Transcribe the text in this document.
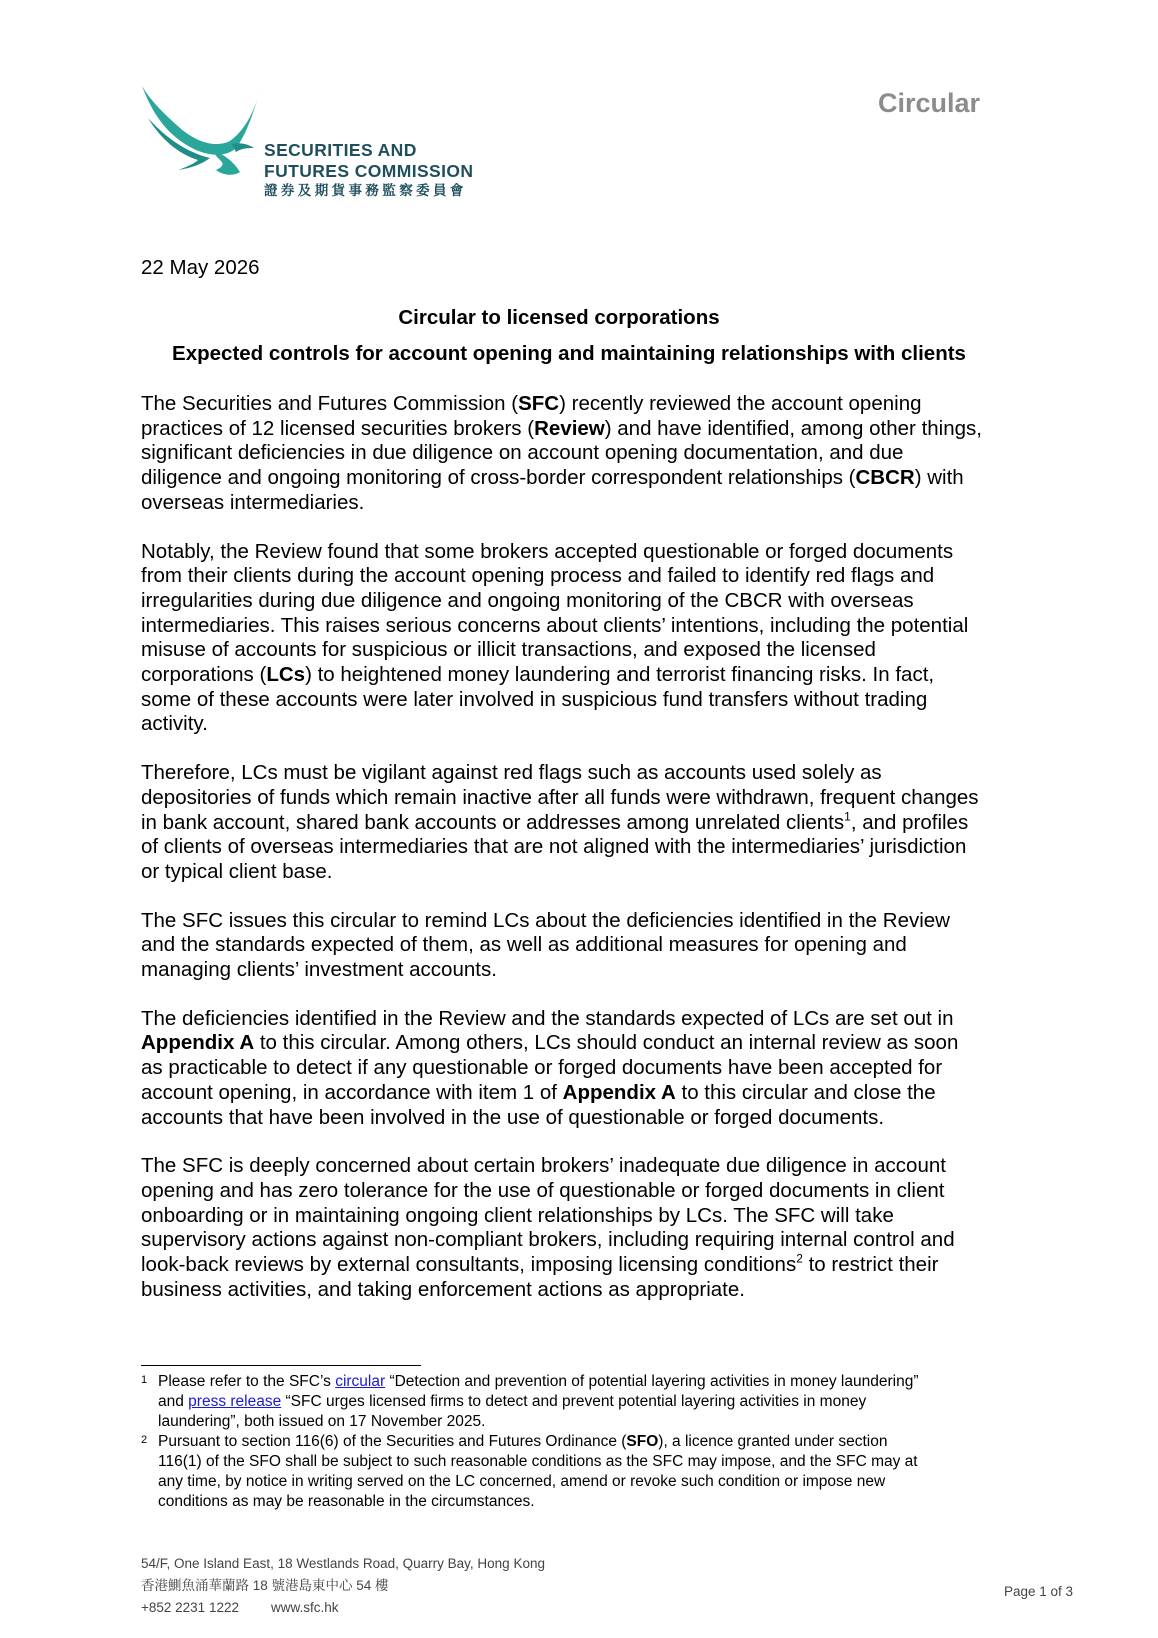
SECURITIES AND
FUTURES COMMISSION
證券及期貨事務監察委員會
Circular
22 May 2026
Circular to licensed corporations
Expected controls for account opening and maintaining relationships with clients

The Securities and Futures Commission (SFC) recently reviewed the account opening
practices of 12 licensed securities brokers (Review) and have identified, among other things,
significant deficiencies in due diligence on account opening documentation, and due
diligence and ongoing monitoring of cross-border correspondent relationships (CBCR) with
overseas intermediaries.

Notably, the Review found that some brokers accepted questionable or forged documents
from their clients during the account opening process and failed to identify red flags and
irregularities during due diligence and ongoing monitoring of the CBCR with overseas
intermediaries. This raises serious concerns about clients’ intentions, including the potential
misuse of accounts for suspicious or illicit transactions, and exposed the licensed
corporations (LCs) to heightened money laundering and terrorist financing risks. In fact,
some of these accounts were later involved in suspicious fund transfers without trading
activity.

Therefore, LCs must be vigilant against red flags such as accounts used solely as
depositories of funds which remain inactive after all funds were withdrawn, frequent changes
in bank account, shared bank accounts or addresses among unrelated clients$^1$, and profiles
of clients of overseas intermediaries that are not aligned with the intermediaries’ jurisdiction
or typical client base.

The SFC issues this circular to remind LCs about the deficiencies identified in the Review
and the standards expected of them, as well as additional measures for opening and
managing clients’ investment accounts.

The deficiencies identified in the Review and the standards expected of LCs are set out in
Appendix A to this circular. Among others, LCs should conduct an internal review as soon
as practicable to detect if any questionable or forged documents have been accepted for
account opening, in accordance with item 1 of Appendix A to this circular and close the
accounts that have been involved in the use of questionable or forged documents.

The SFC is deeply concerned about certain brokers’ inadequate due diligence in account
opening and has zero tolerance for the use of questionable or forged documents in client
onboarding or in maintaining ongoing client relationships by LCs. The SFC will take
supervisory actions against non-compliant brokers, including requiring internal control and
look-back reviews by external consultants, imposing licensing conditions$^2$ to restrict their
business activities, and taking enforcement actions as appropriate.

1 Please refer to the SFC’s circular “Detection and prevention of potential layering activities in money laundering”
and press release “SFC urges licensed firms to detect and prevent potential layering activities in money
laundering”, both issued on 17 November 2025.
2 Pursuant to section 116(6) of the Securities and Futures Ordinance (SFO), a licence granted under section
116(1) of the SFO shall be subject to such reasonable conditions as the SFC may impose, and the SFC may at
any time, by notice in writing served on the LC concerned, amend or revoke such condition or impose new
conditions as may be reasonable in the circumstances.
54/F, One Island East, 18 Westlands Road, Quarry Bay, Hong Kong
香港鰂魚涌華蘭路 18 號港島東中心 54 樓
+852 2231 1222 www.sfc.hk
Page 1 of 3
